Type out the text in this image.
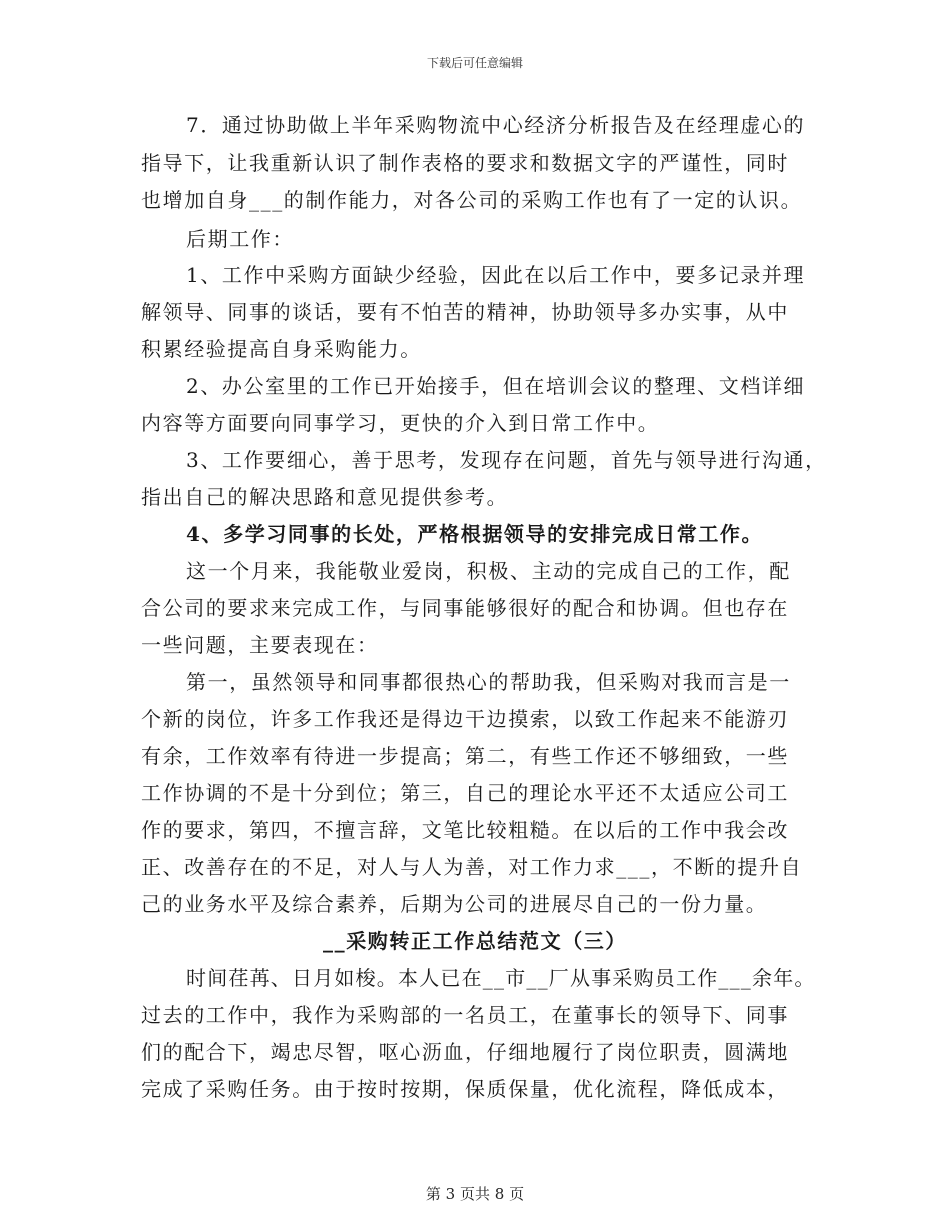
下载后可任意编辑
7．通过协助做上半年采购物流中心经济分析报告及在经理虚心的
指导下，让我重新认识了制作表格的要求和数据文字的严谨性，同时
也增加自身___的制作能力，对各公司的采购工作也有了一定的认识。
后期工作：
1、工作中采购方面缺少经验，因此在以后工作中，要多记录并理
解领导、同事的谈话，要有不怕苦的精神，协助领导多办实事，从中
积累经验提高自身采购能力。
2、办公室里的工作已开始接手，但在培训会议的整理、文档详细
内容等方面要向同事学习，更快的介入到日常工作中。
3、工作要细心，善于思考，发现存在问题，首先与领导进行沟通，
指出自己的解决思路和意见提供参考。
4、多学习同事的长处，严格根据领导的安排完成日常工作。
这一个月来，我能敬业爱岗，积极、主动的完成自己的工作，配
合公司的要求来完成工作，与同事能够很好的配合和协调。但也存在
一些问题，主要表现在：
第一，虽然领导和同事都很热心的帮助我，但采购对我而言是一
个新的岗位，许多工作我还是得边干边摸索，以致工作起来不能游刃
有余，工作效率有待进一步提高；第二，有些工作还不够细致，一些
工作协调的不是十分到位；第三，自己的理论水平还不太适应公司工
作的要求，第四，不擅言辞，文笔比较粗糙。在以后的工作中我会改
正、改善存在的不足，对人与人为善，对工作力求___，不断的提升自
己的业务水平及综合素养，后期为公司的进展尽自己的一份力量。
__采购转正工作总结范文（三）
时间荏苒、日月如梭。本人已在__市__厂从事采购员工作___余年。
过去的工作中，我作为采购部的一名员工，在董事长的领导下、同事
们的配合下，竭忠尽智，呕心沥血，仔细地履行了岗位职责，圆满地
完成了采购任务。由于按时按期，保质保量，优化流程，降低成本，
第 3 页共 8 页
